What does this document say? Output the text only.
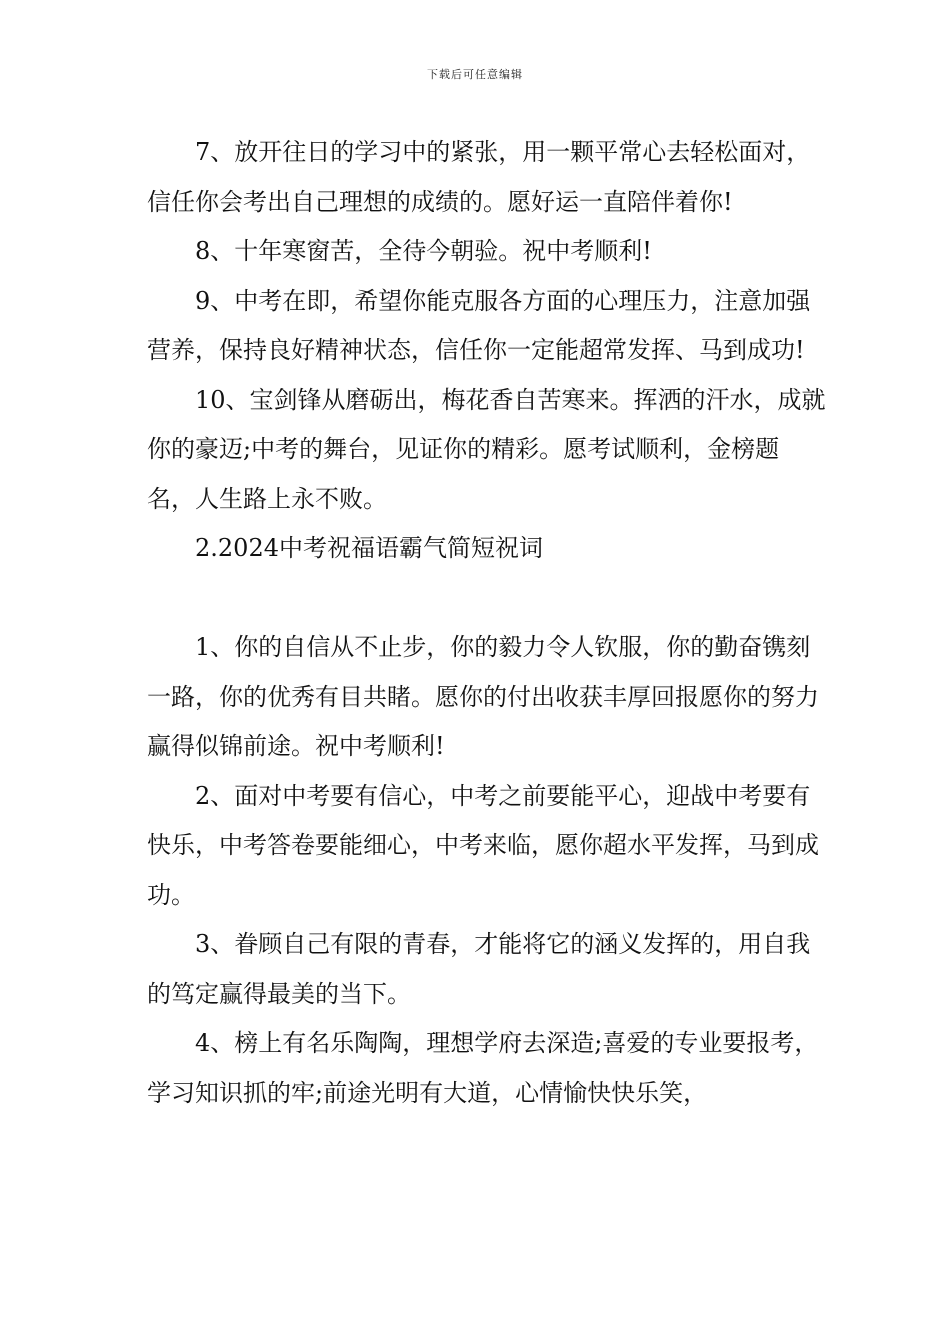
下载后可任意编辑

7、放开往日的学习中的紧张，用一颗平常心去轻松面对，信任你会考出自己理想的成绩的。愿好运一直陪伴着你!

8、十年寒窗苦，全待今朝验。祝中考顺利!

9、中考在即，希望你能克服各方面的心理压力，注意加强营养，保持良好精神状态，信任你一定能超常发挥、马到成功!

10、宝剑锋从磨砺出，梅花香自苦寒来。挥洒的汗水，成就你的豪迈;中考的舞台，见证你的精彩。愿考试顺利，金榜题名，人生路上永不败。

2.2024中考祝福语霸气简短祝词

1、你的自信从不止步，你的毅力令人钦服，你的勤奋镌刻一路，你的优秀有目共睹。愿你的付出收获丰厚回报愿你的努力赢得似锦前途。祝中考顺利!

2、面对中考要有信心，中考之前要能平心，迎战中考要有快乐，中考答卷要能细心，中考来临，愿你超水平发挥，马到成功。

3、眷顾自己有限的青春，才能将它的涵义发挥的，用自我的笃定赢得最美的当下。

4、榜上有名乐陶陶，理想学府去深造;喜爱的专业要报考，学习知识抓的牢;前途光明有大道，心情愉快快乐笑，
